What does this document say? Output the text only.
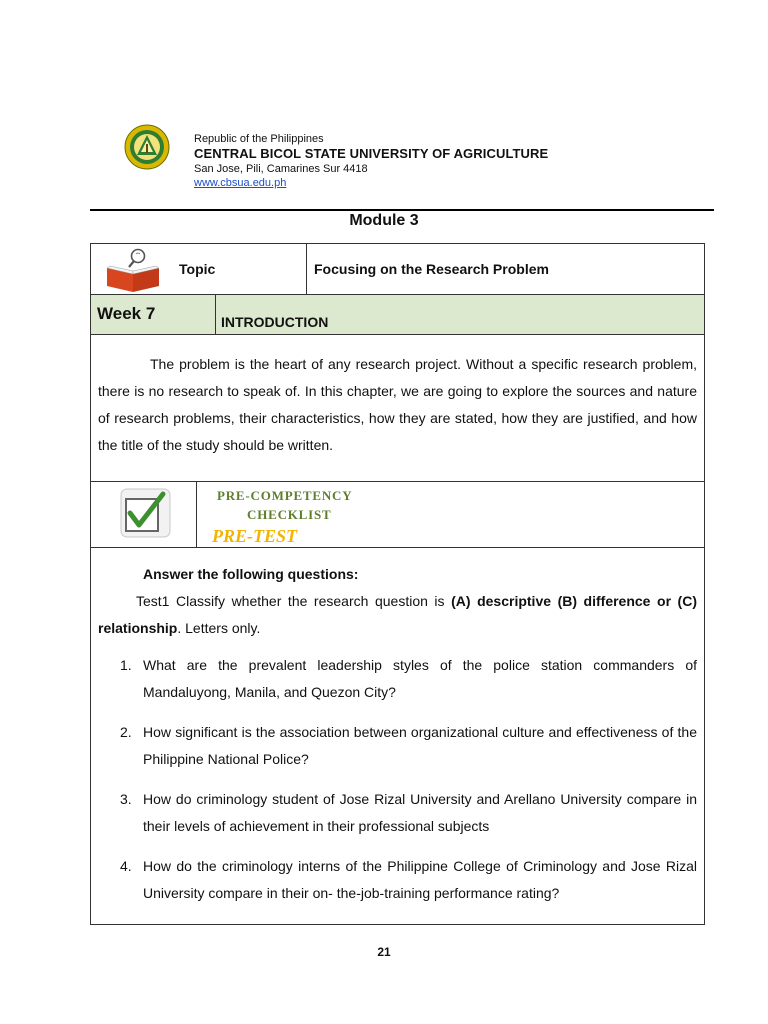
Republic of the Philippines
CENTRAL BICOL STATE UNIVERSITY OF AGRICULTURE
San Jose, Pili, Camarines Sur 4418
www.cbsua.edu.ph
Module 3
Topic	Focusing on the Research Problem
Week 7	INTRODUCTION

The problem is the heart of any research project. Without a specific research problem, there is no research to speak of. In this chapter, we are going to explore the sources and nature of research problems, their characteristics, how they are stated, how they are justified, and how the title of the study should be written.

PRE-COMPETENCY
CHECKLIST
PRE-TEST
Answer the following questions:

Test1 Classify whether the research question is (A) descriptive (B) difference or (C) relationship. Letters only.

1. What are the prevalent leadership styles of the police station commanders of Mandaluyong, Manila, and Quezon City?
2. How significant is the association between organizational culture and effectiveness of the Philippine National Police?
3. How do criminology student of Jose Rizal University and Arellano University compare in their levels of achievement in their professional subjects
4. How do the criminology interns of the Philippine College of Criminology and Jose Rizal University compare in their on- the-job-training performance rating?
21
